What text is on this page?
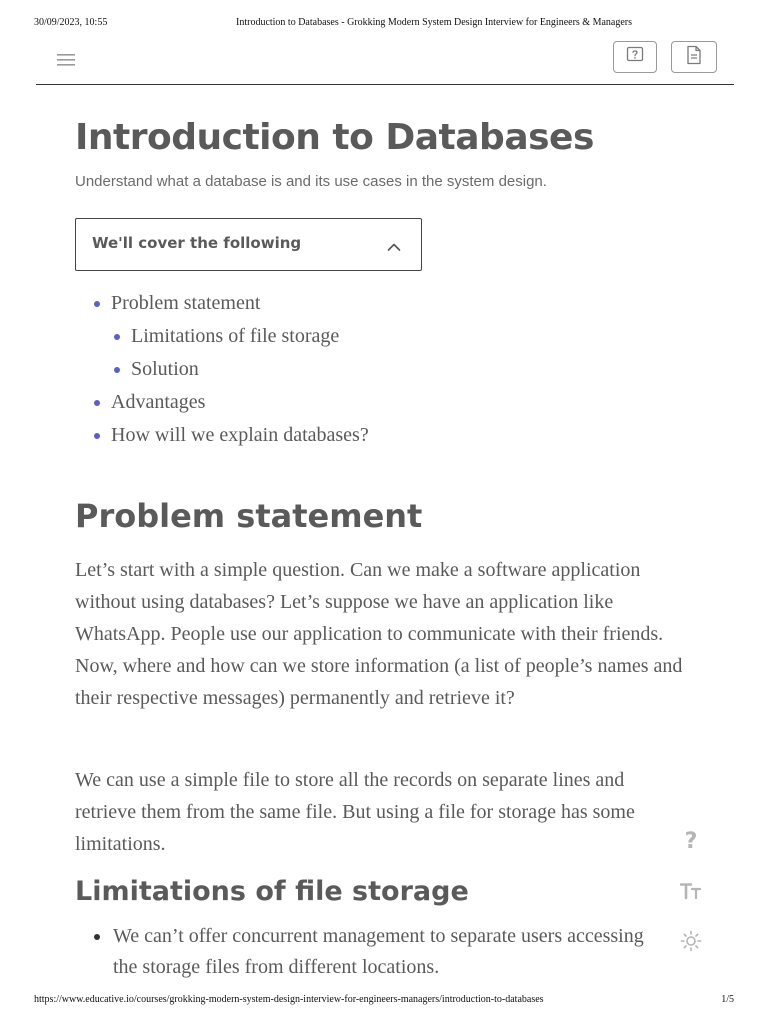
30/09/2023, 10:55	Introduction to Databases - Grokking Modern System Design Interview for Engineers & Managers
Introduction to Databases

Understand what a database is and its use cases in the system design.

We'll cover the following
Problem statement
Limitations of file storage
Solution
Advantages
How will we explain databases?
Problem statement

Let’s start with a simple question. Can we make a software application without using databases? Let’s suppose we have an application like WhatsApp. People use our application to communicate with their friends. Now, where and how can we store information (a list of people’s names and their respective messages) permanently and retrieve it?

We can use a simple file to store all the records on separate lines and retrieve them from the same file. But using a file for storage has some limitations.

Limitations of file storage
We can’t offer concurrent management to separate users accessing the storage files from different locations.
?
https://www.educative.io/courses/grokking-modern-system-design-interview-for-engineers-managers/introduction-to-databases	1/5
